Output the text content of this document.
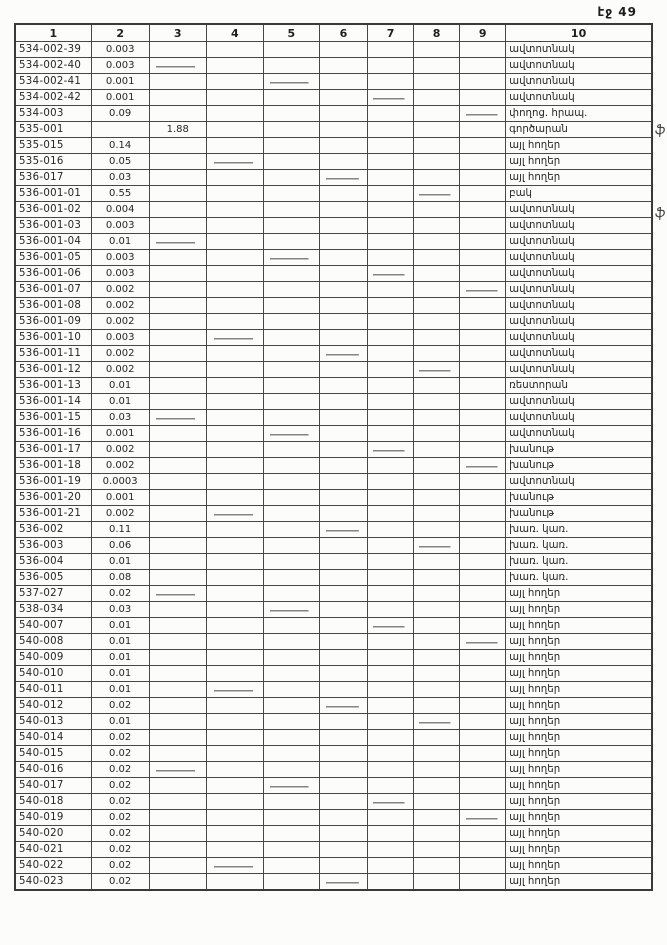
էջ 49
ֆ
ֆ
1	2	3	4	5	6	7	8	9	10
534-002-39	0.003								ավտոտնակ
534-002-40	0.003								ավտոտնակ
534-002-41	0.001								ավտոտնակ
534-002-42	0.001								ավտոտնակ
534-003	0.09								փողոց. հրապ.
535-001		1.88							գործարան
535-015	0.14								այլ հողեր
535-016	0.05								այլ հողեր
536-017	0.03								այլ հողեր
536-001-01	0.55								բակ
536-001-02	0.004								ավտոտնակ
536-001-03	0.003								ավտոտնակ
536-001-04	0.01								ավտոտնակ
536-001-05	0.003								ավտոտնակ
536-001-06	0.003								ավտոտնակ
536-001-07	0.002								ավտոտնակ
536-001-08	0.002								ավտոտնակ
536-001-09	0.002								ավտոտնակ
536-001-10	0.003								ավտոտնակ
536-001-11	0.002								ավտոտնակ
536-001-12	0.002								ավտոտնակ
536-001-13	0.01								ռեստորան
536-001-14	0.01								ավտոտնակ
536-001-15	0.03								ավտոտնակ
536-001-16	0.001								ավտոտնակ
536-001-17	0.002								խանութ
536-001-18	0.002								խանութ
536-001-19	0.0003								ավտոտնակ
536-001-20	0.001								խանութ
536-001-21	0.002								խանութ
536-002	0.11								խառ. կառ.
536-003	0.06								խառ. կառ.
536-004	0.01								խառ. կառ.
536-005	0.08								խառ. կառ.
537-027	0.02								այլ հողեր
538-034	0.03								այլ հողեր
540-007	0.01								այլ հողեր
540-008	0.01								այլ հողեր
540-009	0.01								այլ հողեր
540-010	0.01								այլ հողեր
540-011	0.01								այլ հողեր
540-012	0.02								այլ հողեր
540-013	0.01								այլ հողեր
540-014	0.02								այլ հողեր
540-015	0.02								այլ հողեր
540-016	0.02								այլ հողեր
540-017	0.02								այլ հողեր
540-018	0.02								այլ հողեր
540-019	0.02								այլ հողեր
540-020	0.02								այլ հողեր
540-021	0.02								այլ հողեր
540-022	0.02								այլ հողեր
540-023	0.02								այլ հողեր
